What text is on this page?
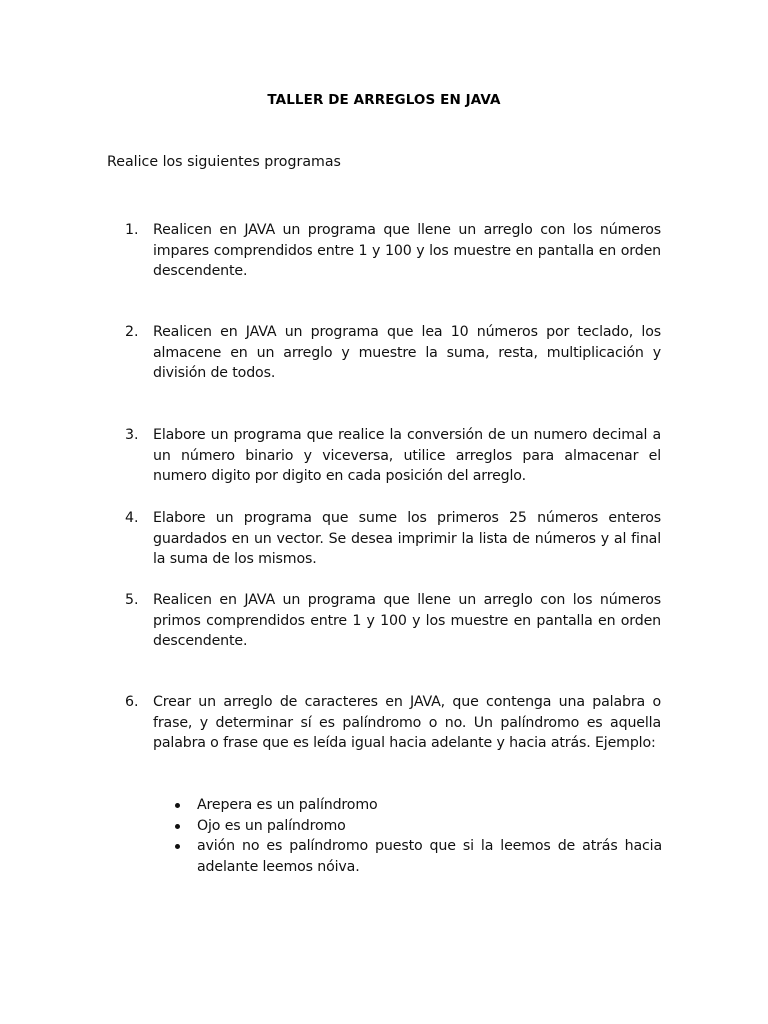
TALLER DE ARREGLOS EN JAVA
Realice los siguientes programas
1.	Realicen en JAVA un programa que llene un arreglo con los números impares comprendidos entre 1 y 100 y los muestre en pantalla en orden descendente.
2.	Realicen en JAVA un programa que lea 10 números por teclado, los almacene en un arreglo y muestre la suma, resta, multiplicación y división de todos.
3.	Elabore un programa que realice la conversión de un numero decimal a un número binario y viceversa, utilice arreglos para almacenar el numero digito por digito en cada posición del arreglo.
4.	Elabore un programa que sume los primeros 25 números enteros guardados en un vector. Se desea imprimir la lista de números y al final la suma de los mismos.
5.	Realicen en JAVA un programa que llene un arreglo con los números primos comprendidos entre 1 y 100 y los muestre en pantalla en orden descendente.
6.	Crear un arreglo de caracteres en JAVA, que contenga una palabra o frase, y determinar sí es palíndromo o no. Un palíndromo es aquella palabra o frase que es leída igual hacia adelante y hacia atrás. Ejemplo:
Arepera es un palíndromo
Ojo es un palíndromo
avión no es palíndromo puesto que si la leemos de atrás hacia adelante leemos nóiva.
